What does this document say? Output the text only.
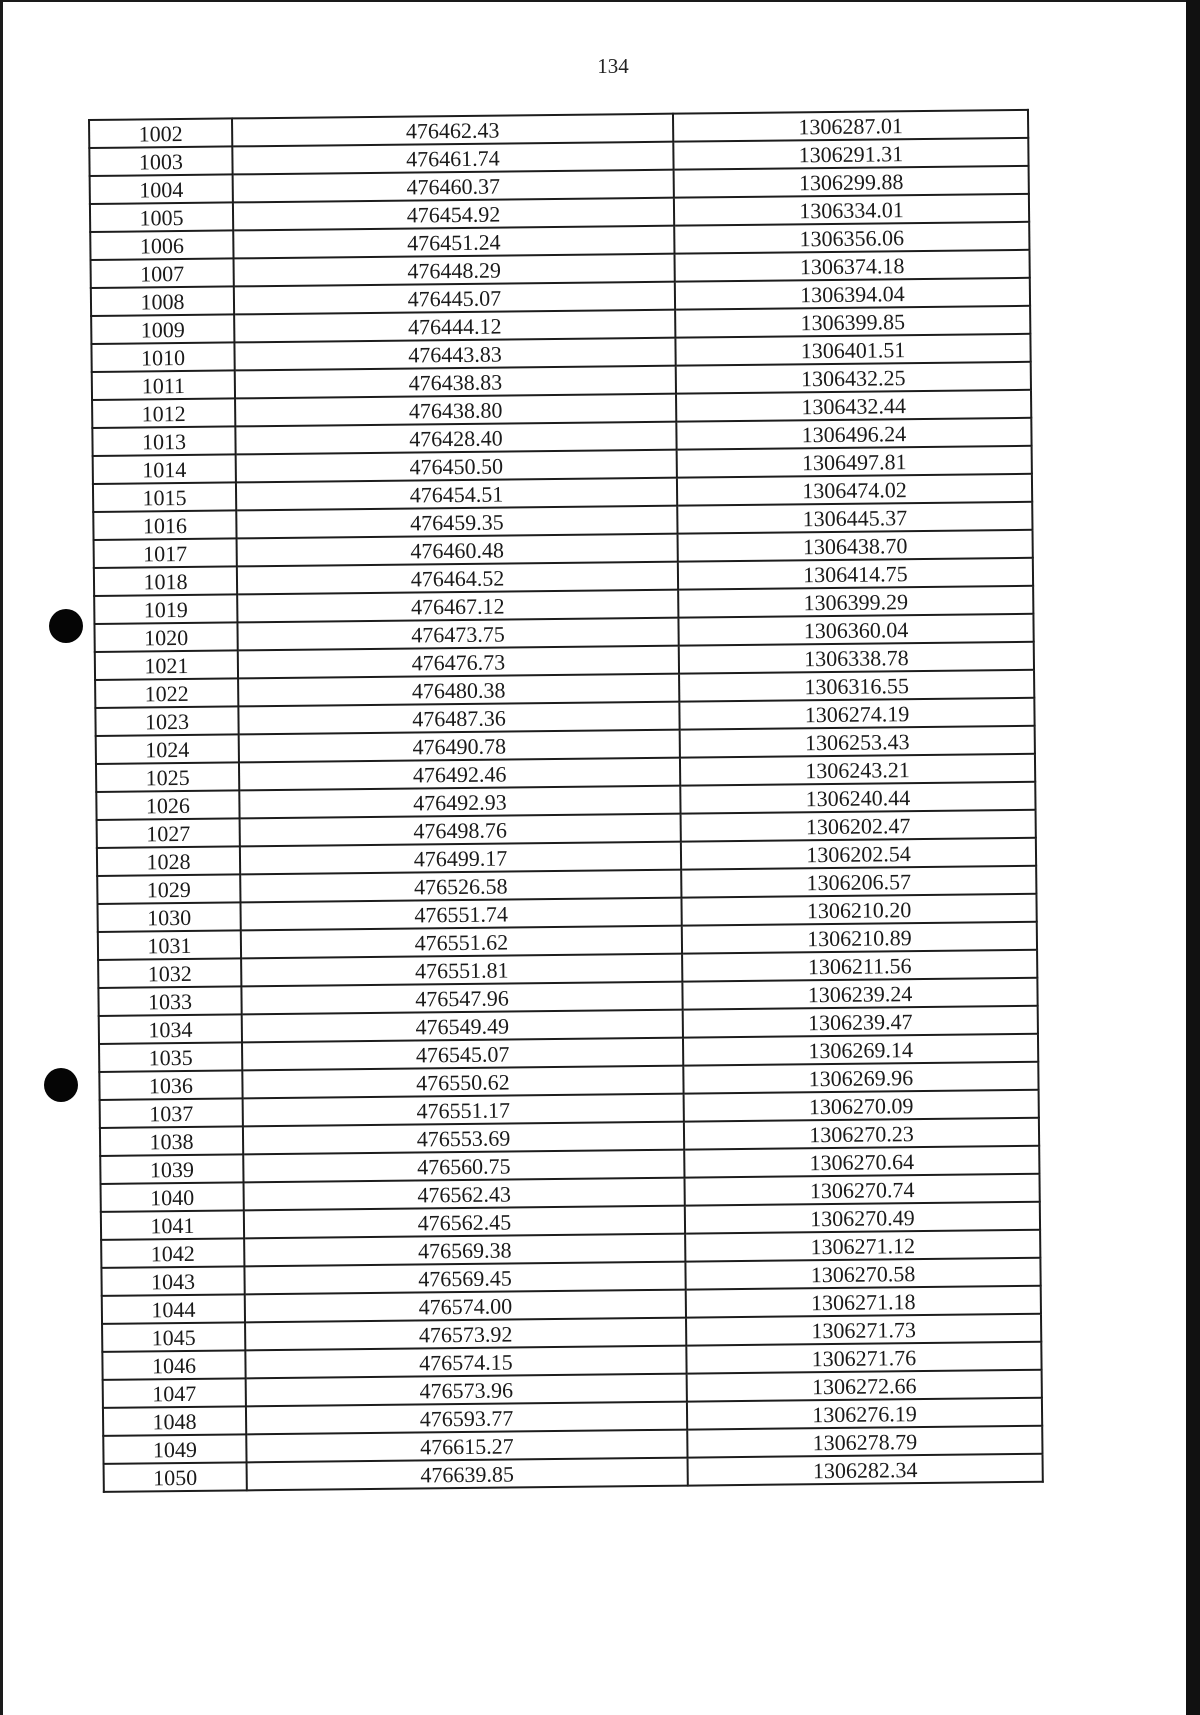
134
1002	476462.43	1306287.01
1003	476461.74	1306291.31
1004	476460.37	1306299.88
1005	476454.92	1306334.01
1006	476451.24	1306356.06
1007	476448.29	1306374.18
1008	476445.07	1306394.04
1009	476444.12	1306399.85
1010	476443.83	1306401.51
1011	476438.83	1306432.25
1012	476438.80	1306432.44
1013	476428.40	1306496.24
1014	476450.50	1306497.81
1015	476454.51	1306474.02
1016	476459.35	1306445.37
1017	476460.48	1306438.70
1018	476464.52	1306414.75
1019	476467.12	1306399.29
1020	476473.75	1306360.04
1021	476476.73	1306338.78
1022	476480.38	1306316.55
1023	476487.36	1306274.19
1024	476490.78	1306253.43
1025	476492.46	1306243.21
1026	476492.93	1306240.44
1027	476498.76	1306202.47
1028	476499.17	1306202.54
1029	476526.58	1306206.57
1030	476551.74	1306210.20
1031	476551.62	1306210.89
1032	476551.81	1306211.56
1033	476547.96	1306239.24
1034	476549.49	1306239.47
1035	476545.07	1306269.14
1036	476550.62	1306269.96
1037	476551.17	1306270.09
1038	476553.69	1306270.23
1039	476560.75	1306270.64
1040	476562.43	1306270.74
1041	476562.45	1306270.49
1042	476569.38	1306271.12
1043	476569.45	1306270.58
1044	476574.00	1306271.18
1045	476573.92	1306271.73
1046	476574.15	1306271.76
1047	476573.96	1306272.66
1048	476593.77	1306276.19
1049	476615.27	1306278.79
1050	476639.85	1306282.34
